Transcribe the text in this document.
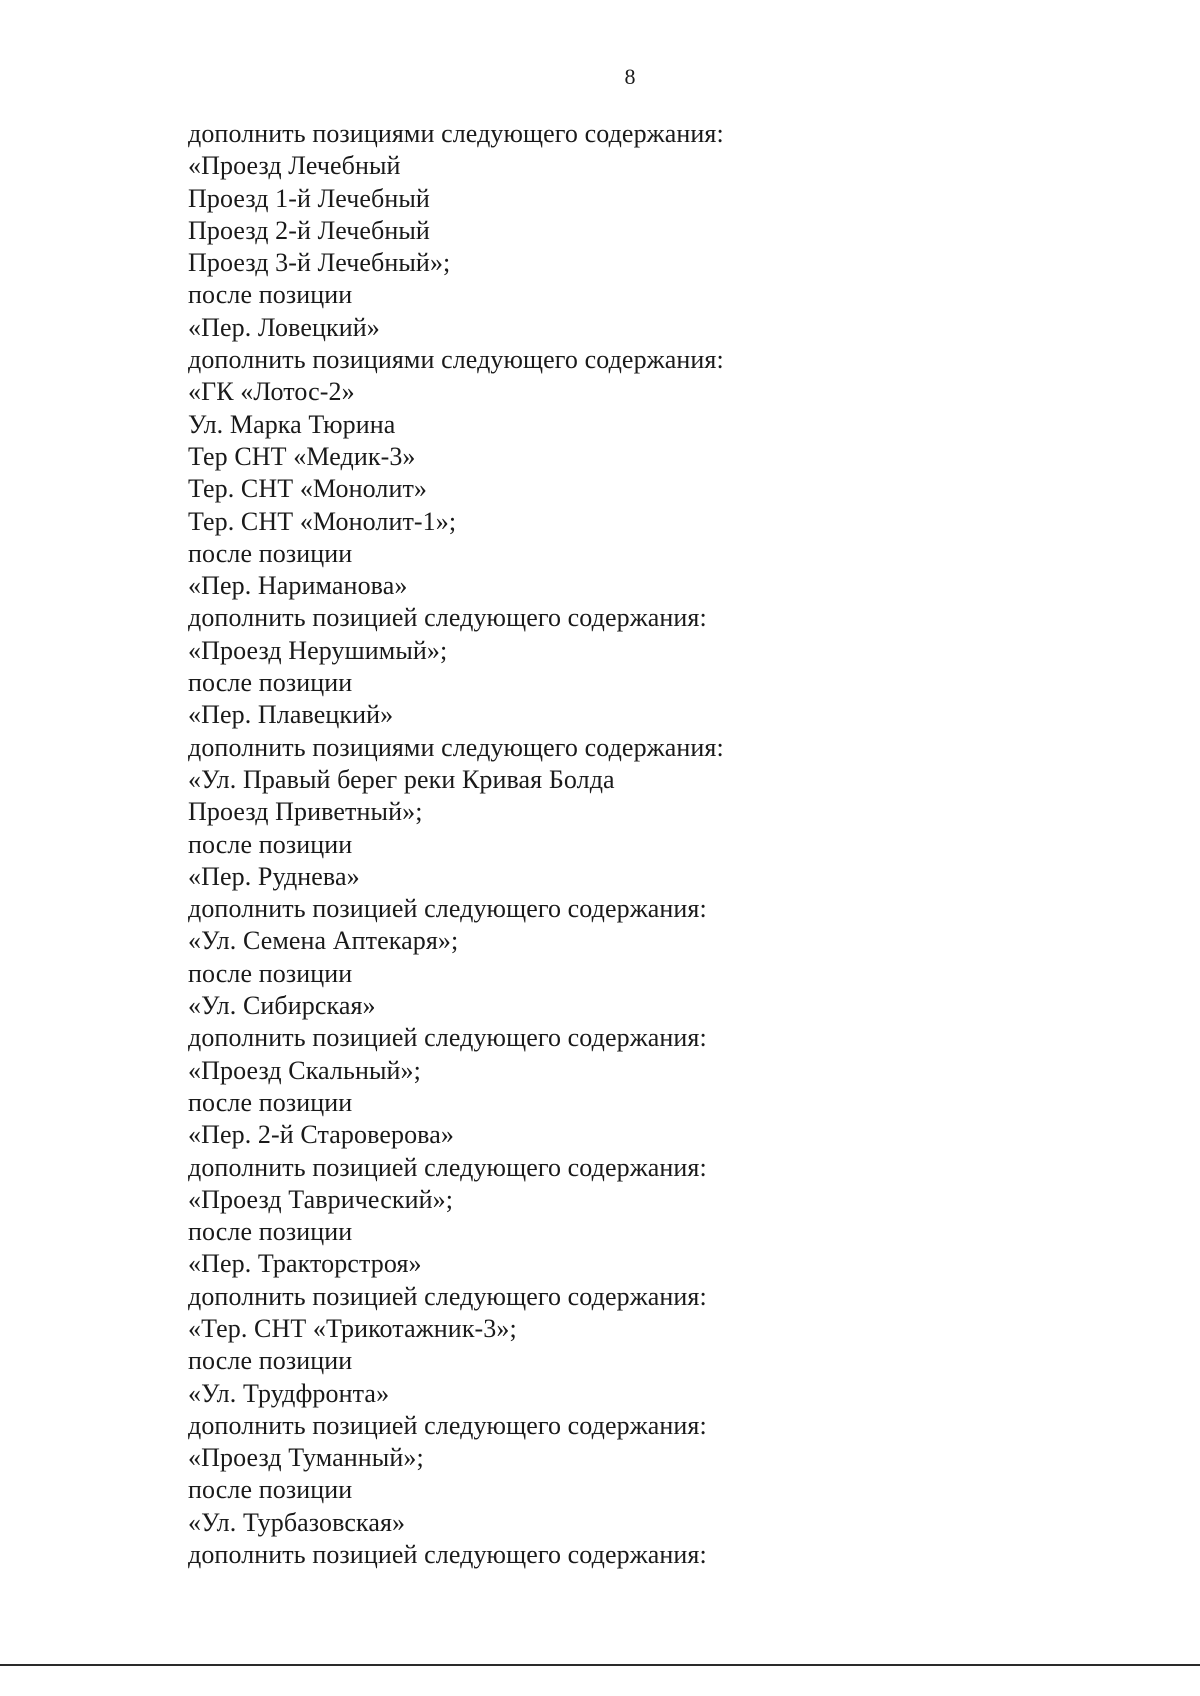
8
дополнить позициями следующего содержания:
«Проезд Лечебный
Проезд 1-й Лечебный
Проезд 2-й Лечебный
Проезд 3-й Лечебный»;
после позиции
«Пер. Ловецкий»
дополнить позициями следующего содержания:
«ГК «Лотос-2»
Ул. Марка Тюрина
Тер СНТ «Медик-3»
Тер. СНТ «Монолит»
Тер. СНТ «Монолит-1»;
после позиции
«Пер. Нариманова»
дополнить позицией следующего содержания:
«Проезд Нерушимый»;
после позиции
«Пер. Плавецкий»
дополнить позициями следующего содержания:
«Ул. Правый берег реки Кривая Болда
Проезд Приветный»;
после позиции
«Пер. Руднева»
дополнить позицией следующего содержания:
«Ул. Семена Аптекаря»;
после позиции
«Ул. Сибирская»
дополнить позицией следующего содержания:
«Проезд Скальный»;
после позиции
«Пер. 2-й Староверова»
дополнить позицией следующего содержания:
«Проезд Таврический»;
после позиции
«Пер. Тракторстроя»
дополнить позицией следующего содержания:
«Тер. СНТ «Трикотажник-3»;
после позиции
«Ул. Трудфронта»
дополнить позицией следующего содержания:
«Проезд Туманный»;
после позиции
«Ул. Турбазовская»
дополнить позицией следующего содержания:
